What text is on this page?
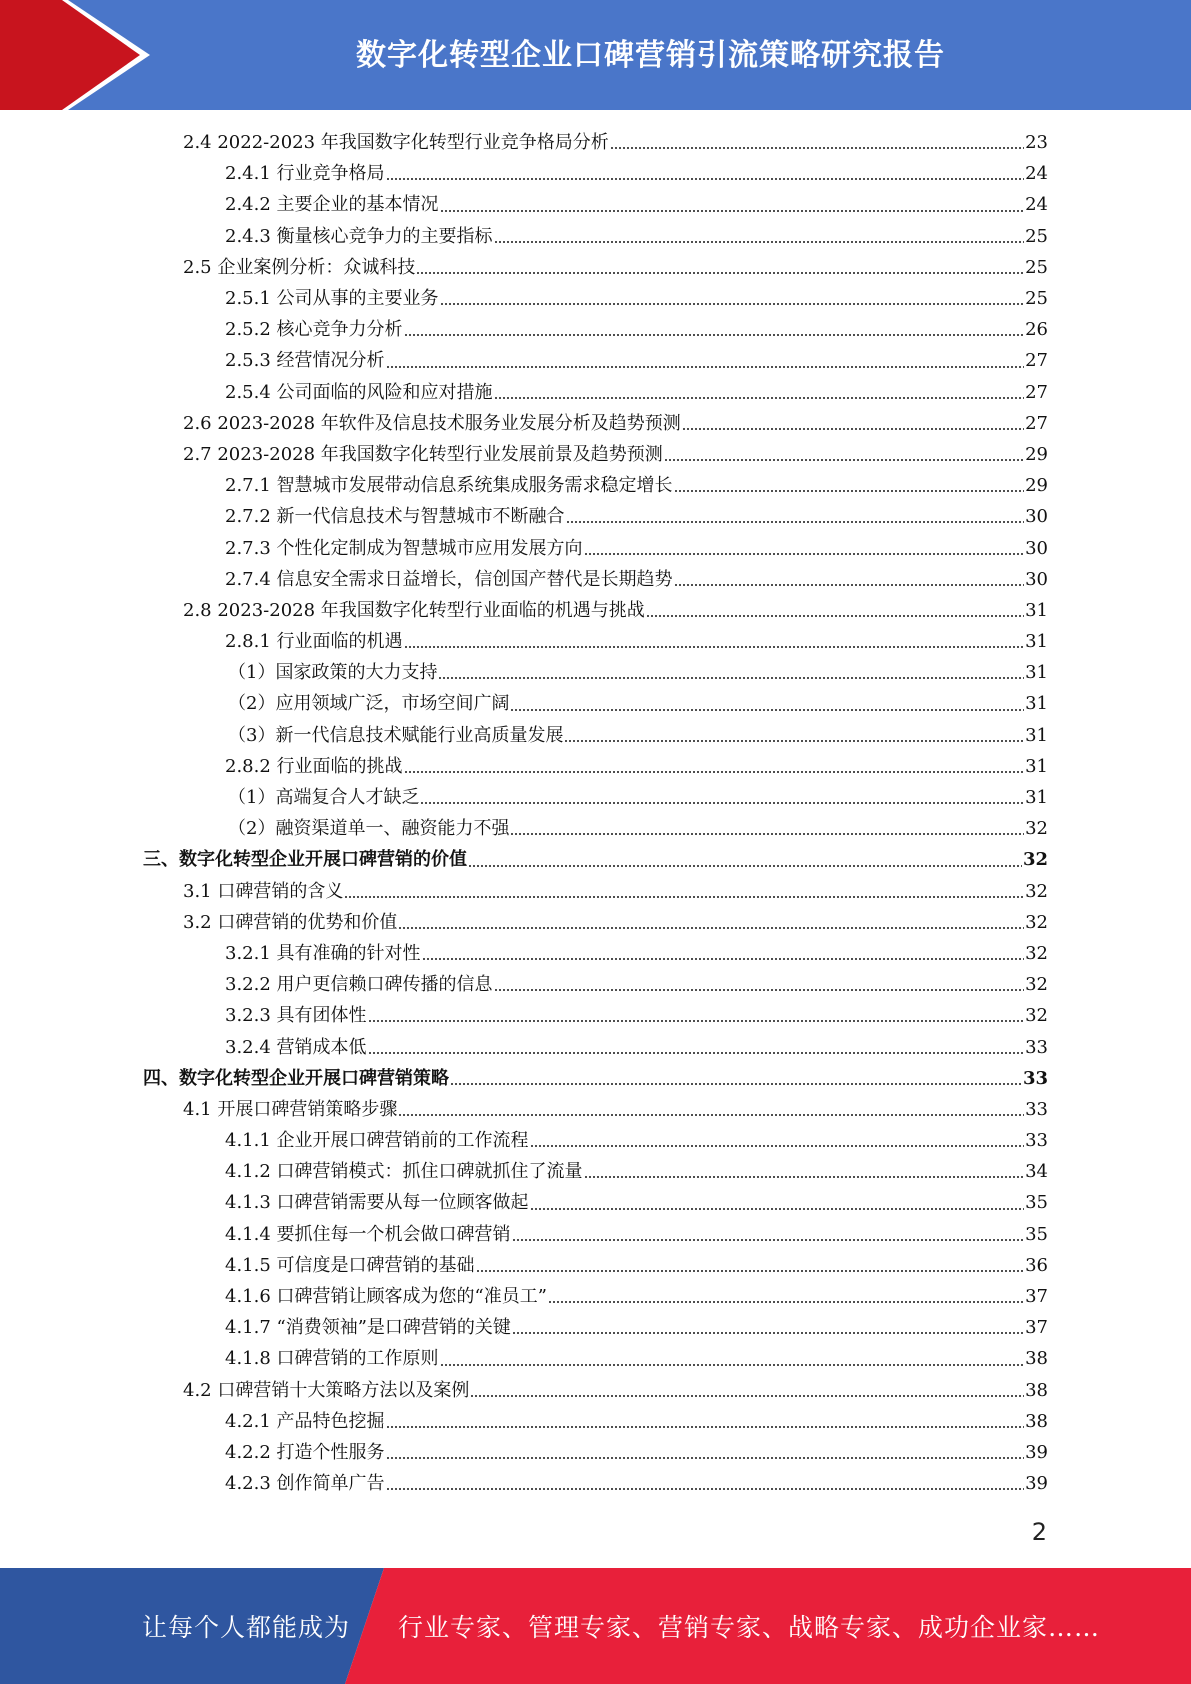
数字化转型企业口碑营销引流策略研究报告
2.4 2022-2023 年我国数字化转型行业竞争格局分析	23
2.4.1 行业竞争格局	24
2.4.2 主要企业的基本情况	24
2.4.3 衡量核心竞争力的主要指标	25
2.5 企业案例分析：众诚科技	25
2.5.1 公司从事的主要业务	25
2.5.2 核心竞争力分析	26
2.5.3 经营情况分析	27
2.5.4 公司面临的风险和应对措施	27
2.6 2023-2028 年软件及信息技术服务业发展分析及趋势预测	27
2.7 2023-2028 年我国数字化转型行业发展前景及趋势预测	29
2.7.1 智慧城市发展带动信息系统集成服务需求稳定增长	29
2.7.2 新一代信息技术与智慧城市不断融合	30
2.7.3 个性化定制成为智慧城市应用发展方向	30
2.7.4 信息安全需求日益增长，信创国产替代是长期趋势	30
2.8 2023-2028 年我国数字化转型行业面临的机遇与挑战	31
2.8.1 行业面临的机遇	31
（1）国家政策的大力支持	31
（2）应用领域广泛，市场空间广阔	31
（3）新一代信息技术赋能行业高质量发展	31
2.8.2 行业面临的挑战	31
（1）高端复合人才缺乏	31
（2）融资渠道单一、融资能力不强	32
三、数字化转型企业开展口碑营销的价值	32
3.1 口碑营销的含义	32
3.2 口碑营销的优势和价值	32
3.2.1 具有准确的针对性	32
3.2.2 用户更信赖口碑传播的信息	32
3.2.3 具有团体性	32
3.2.4 营销成本低	33
四、数字化转型企业开展口碑营销策略	33
4.1 开展口碑营销策略步骤	33
4.1.1 企业开展口碑营销前的工作流程	33
4.1.2 口碑营销模式：抓住口碑就抓住了流量	34
4.1.3 口碑营销需要从每一位顾客做起	35
4.1.4 要抓住每一个机会做口碑营销	35
4.1.5 可信度是口碑营销的基础	36
4.1.6 口碑营销让顾客成为您的“准员工”	37
4.1.7 “消费领袖”是口碑营销的关键	37
4.1.8 口碑营销的工作原则	38
4.2 口碑营销十大策略方法以及案例	38
4.2.1 产品特色挖掘	38
4.2.2 打造个性服务	39
4.2.3 创作简单广告	39
2
让每个人都能成为 行业专家、管理专家、营销专家、战略专家、成功企业家……
